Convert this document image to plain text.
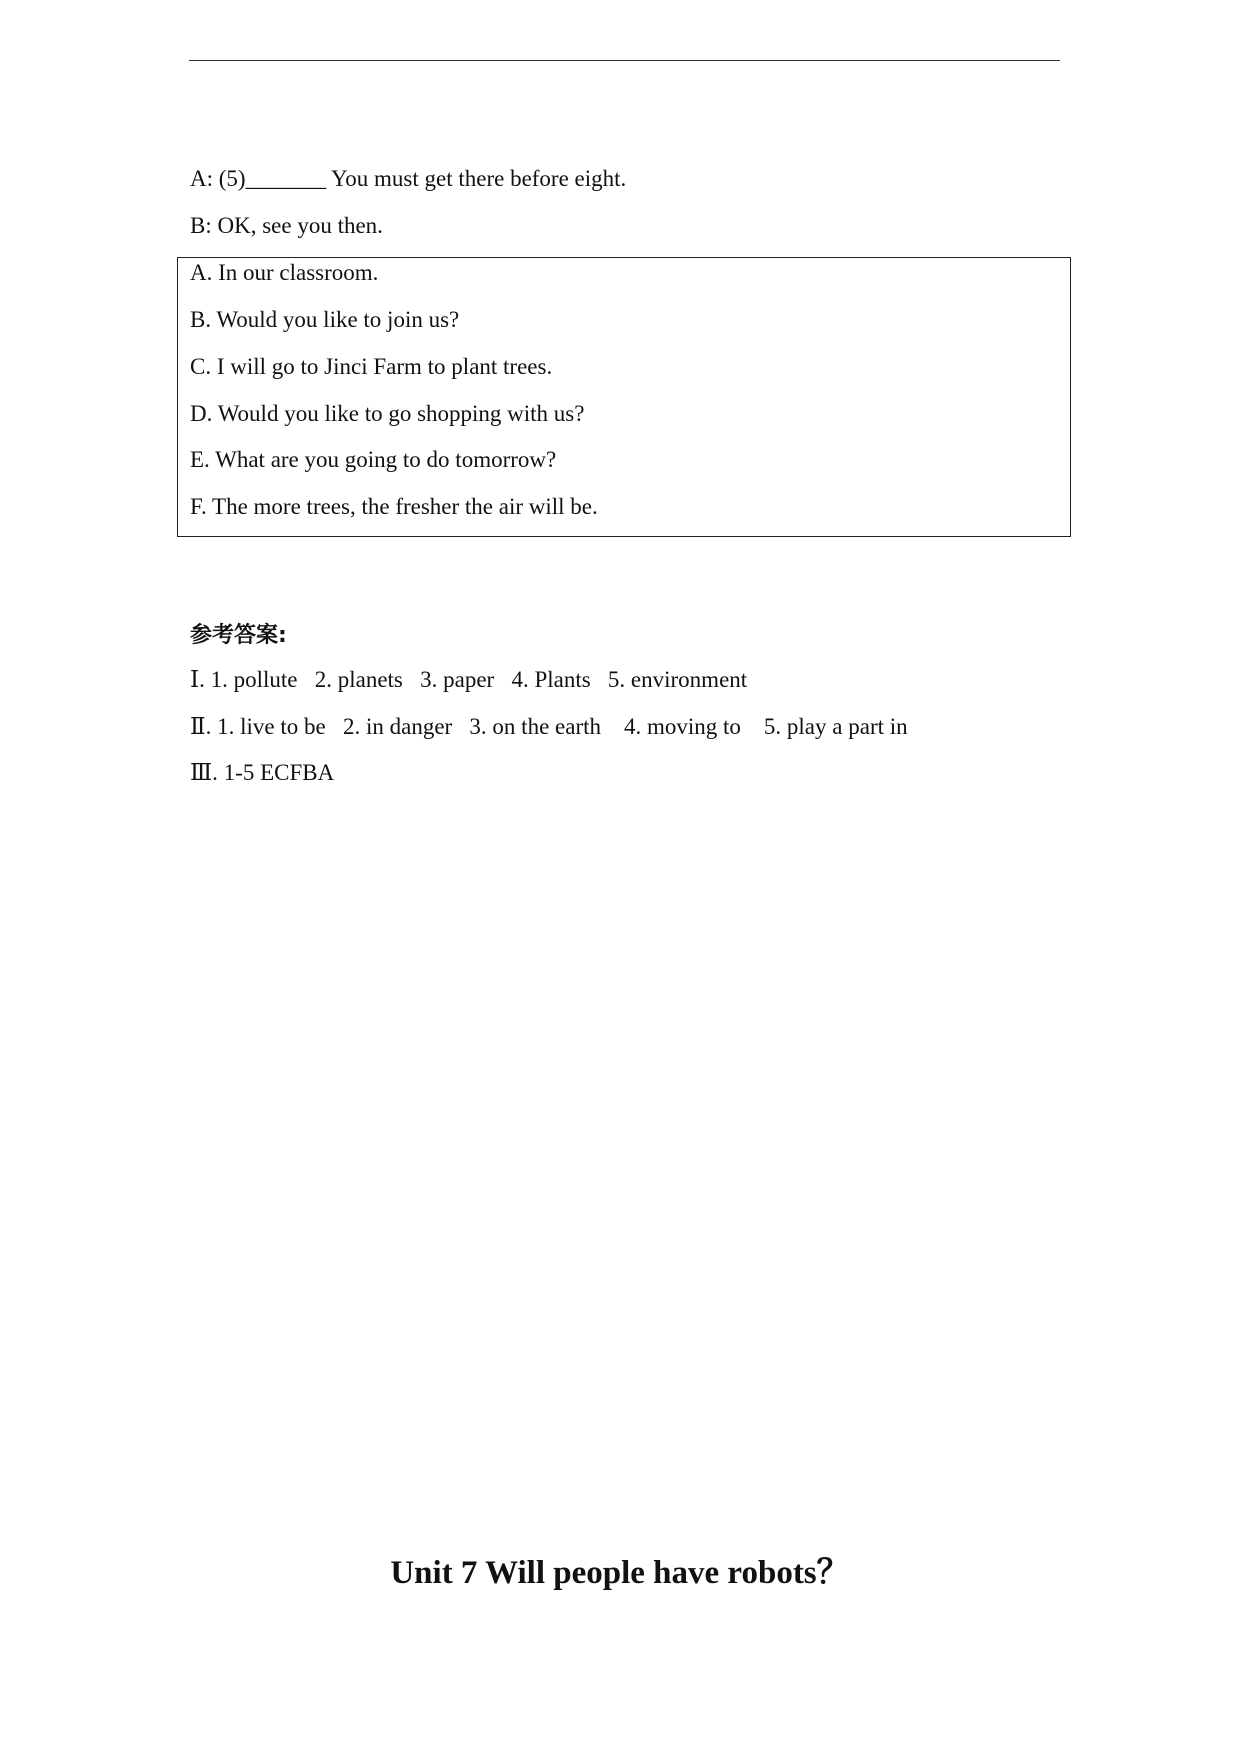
A: (5)_______ You must get there before eight.
B: OK, see you then.
A. In our classroom.
B. Would you like to join us?
C. I will go to Jinci Farm to plant trees.
D. Would you like to go shopping with us?
E. What are you going to do tomorrow?
F. The more trees, the fresher the air will be.
参考答案:
Ⅰ. 1. pollute   2. planets   3. paper   4. Plants   5. environment
Ⅱ. 1. live to be   2. in danger   3. on the earth    4. moving to    5. play a part in
Ⅲ. 1-5 ECFBA
Unit 7 Will people have robots？
